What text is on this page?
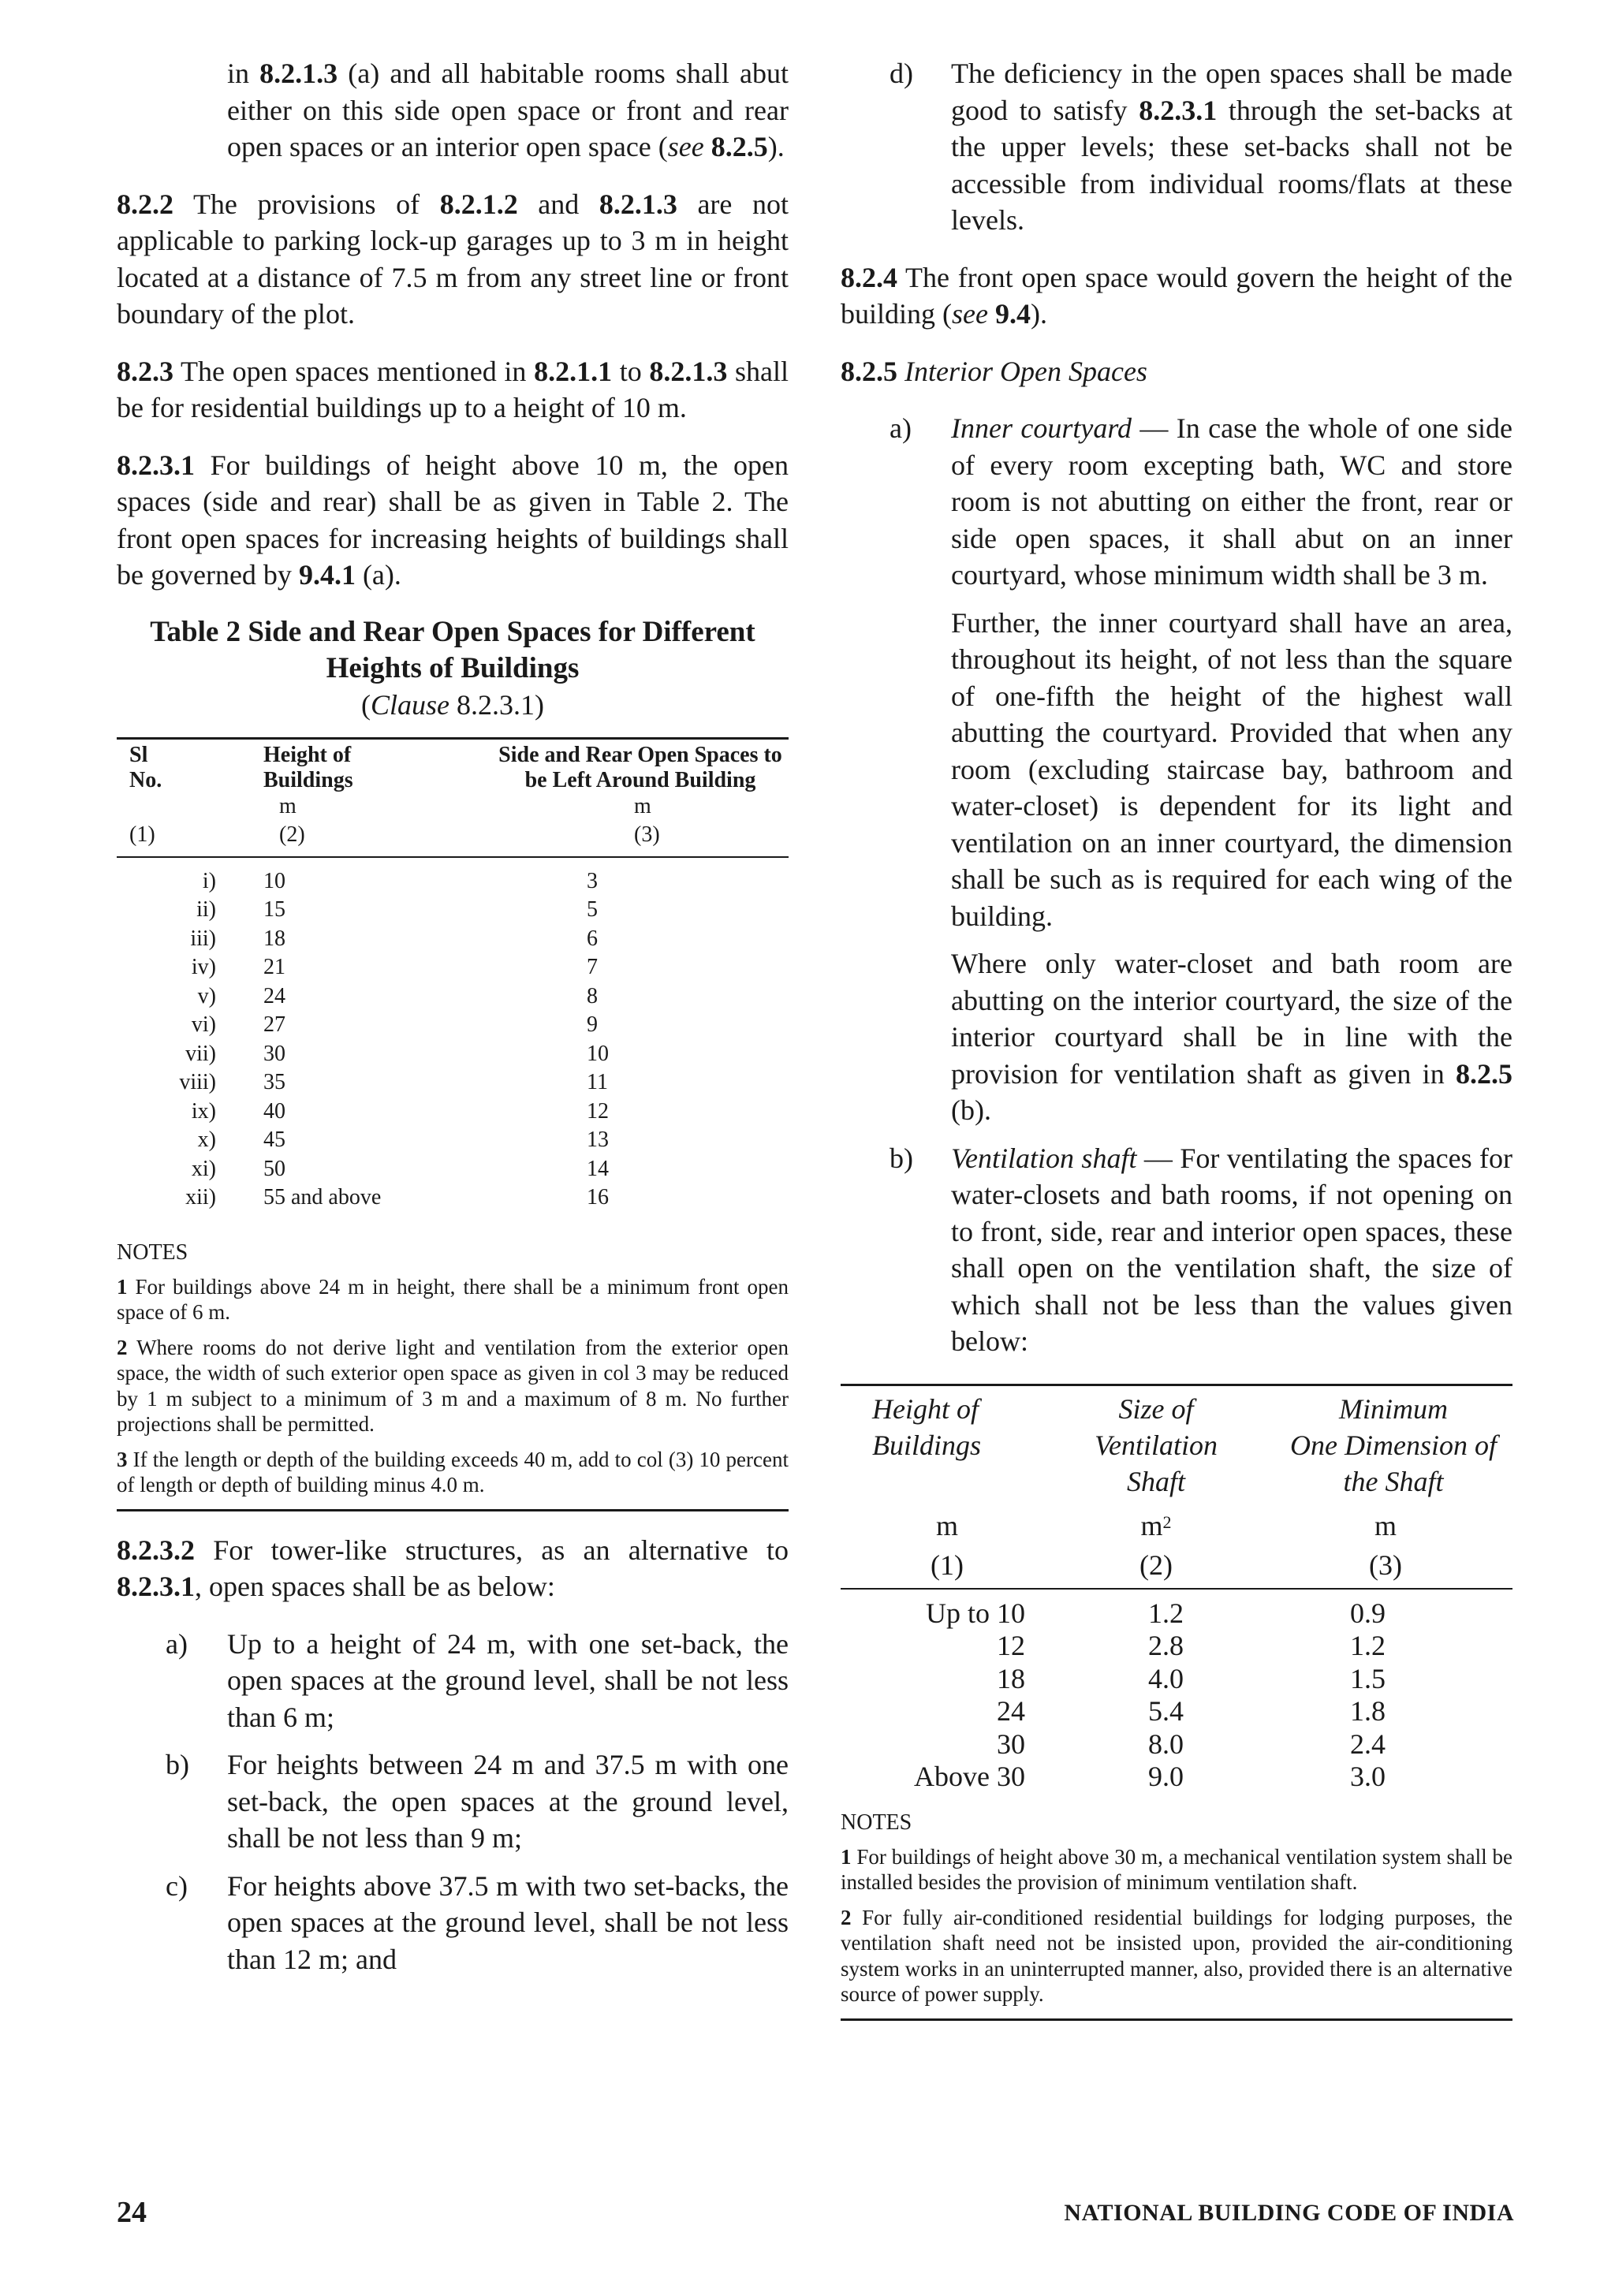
in 8.2.1.3 (a) and all habitable rooms shall abut either on this side open space or front and rear open spaces or an interior open space (see 8.2.5).

8.2.2 The provisions of 8.2.1.2 and 8.2.1.3 are not applicable to parking lock-up garages up to 3 m in height located at a distance of 7.5 m from any street line or front boundary of the plot.

8.2.3 The open spaces mentioned in 8.2.1.1 to 8.2.1.3 shall be for residential buildings up to a height of 10 m.

8.2.3.1 For buildings of height above 10 m, the open spaces (side and rear) shall be as given in Table 2. The front open spaces for increasing heights of buildings shall be governed by 9.4.1 (a).

Table 2 Side and Rear Open Spaces for Different

Heights of Buildings

(Clause 8.2.3.1)

Sl
No.	Height of
Buildings	Side and Rear Open Spaces to
be Left Around Building
	m	m
(1)	(2)	(3)

i)	10	3
ii)	15	5
iii)	18	6
iv)	21	7
v)	24	8
vi)	27	9
vii)	30	10
viii)	35	11
ix)	40	12
x)	45	13
xi)	50	14
xii)	55 and above	16

NOTES

1 For buildings above 24 m in height, there shall be a minimum front open space of 6 m.

2 Where rooms do not derive light and ventilation from the exterior open space, the width of such exterior open space as given in col 3 may be reduced by 1 m subject to a minimum of 3 m and a maximum of 8 m. No further projections shall be permitted.

3 If the length or depth of the building exceeds 40 m, add to col (3) 10 percent of length or depth of building minus 4.0 m.

8.2.3.2 For tower-like structures, as an alternative to 8.2.3.1, open spaces shall be as below:

a) Up to a height of 24 m, with one set-back, the open spaces at the ground level, shall be not less than 6 m;

b) For heights between 24 m and 37.5 m with one set-back, the open spaces at the ground level, shall be not less than 9 m;

c) For heights above 37.5 m with two set-backs, the open spaces at the ground level, shall be not less than 12 m; and

d) The deficiency in the open spaces shall be made good to satisfy 8.2.3.1 through the set-backs at the upper levels; these set-backs shall not be accessible from individual rooms/flats at these levels.

8.2.4 The front open space would govern the height of the building (see 9.4).

8.2.5 Interior Open Spaces

a) Inner courtyard — In case the whole of one side of every room excepting bath, WC and store room is not abutting on either the front, rear or side open spaces, it shall abut on an inner courtyard, whose minimum width shall be 3 m.

Further, the inner courtyard shall have an area, throughout its height, of not less than the square of one-fifth the height of the highest wall abutting the courtyard. Provided that when any room (excluding staircase bay, bathroom and water-closet) is dependent for its light and ventilation on an inner courtyard, the dimension shall be such as is required for each wing of the building.

Where only water-closet and bath room are abutting on the interior courtyard, the size of the interior courtyard shall be in line with the provision for ventilation shaft as given in 8.2.5 (b).

b) Ventilation shaft — For ventilating the spaces for water-closets and bath rooms, if not opening on to front, side, rear and interior open spaces, these shall open on the ventilation shaft, the size of which shall not be less than the values given below:

Height of
Buildings	Size of
Ventilation
Shaft	Minimum
One Dimension of
the Shaft
m	$m^2$	m
(1)	(2)	(3)

Up to 10	1.2	0.9
12	2.8	1.2
18	4.0	1.5
24	5.4	1.8
30	8.0	2.4
Above 30	9.0	3.0

NOTES

1 For buildings of height above 30 m, a mechanical ventilation system shall be installed besides the provision of minimum ventilation shaft.

2 For fully air-conditioned residential buildings for lodging purposes, the ventilation shaft need not be insisted upon, provided the air-conditioning system works in an uninterrupted manner, also, provided there is an alternative source of power supply.

24	NATIONAL BUILDING CODE OF INDIA
